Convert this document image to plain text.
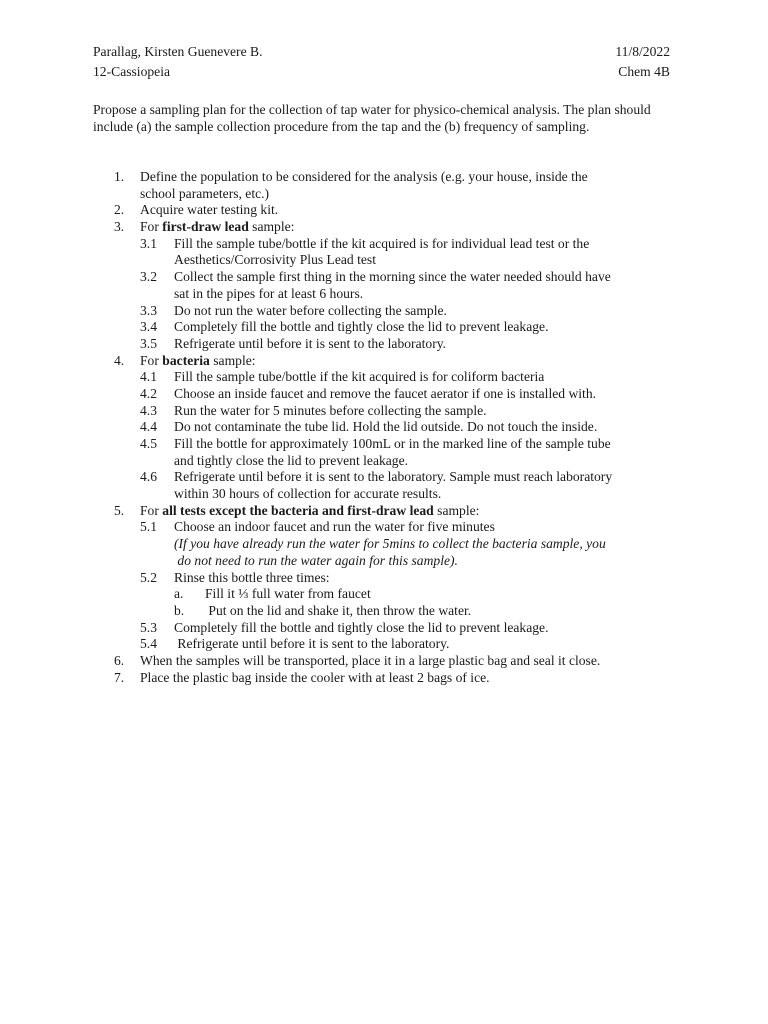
Parallag, Kirsten Guenevere B.	11/8/2022
12-Cassiopeia	Chem 4B
Propose a sampling plan for the collection of tap water for physico-chemical analysis. The plan should include (a) the sample collection procedure from the tap and the (b) frequency of sampling.
1. Define the population to be considered for the analysis (e.g. your house, inside the
school parameters, etc.)
2. Acquire water testing kit.
3. For first-draw lead sample:
3.1 Fill the sample tube/bottle if the kit acquired is for individual lead test or the
Aesthetics/Corrosivity Plus Lead test
3.2 Collect the sample first thing in the morning since the water needed should have
sat in the pipes for at least 6 hours.
3.3 Do not run the water before collecting the sample.
3.4 Completely fill the bottle and tightly close the lid to prevent leakage.
3.5 Refrigerate until before it is sent to the laboratory.
4. For bacteria sample:
4.1 Fill the sample tube/bottle if the kit acquired is for coliform bacteria
4.2 Choose an inside faucet and remove the faucet aerator if one is installed with.
4.3 Run the water for 5 minutes before collecting the sample.
4.4 Do not contaminate the tube lid. Hold the lid outside. Do not touch the inside.
4.5 Fill the bottle for approximately 100mL or in the marked line of the sample tube
and tightly close the lid to prevent leakage.
4.6 Refrigerate until before it is sent to the laboratory. Sample must reach laboratory
within 30 hours of collection for accurate results.
5. For all tests except the bacteria and first-draw lead sample:
5.1 Choose an indoor faucet and run the water for five minutes
(If you have already run the water for 5mins to collect the bacteria sample, you
do not need to run the water again for this sample).
5.2 Rinse this bottle three times:
a. Fill it ⅓ full water from faucet
b. Put on the lid and shake it, then throw the water.
5.3 Completely fill the bottle and tightly close the lid to prevent leakage.
5.4 Refrigerate until before it is sent to the laboratory.
6. When the samples will be transported, place it in a large plastic bag and seal it close.
7. Place the plastic bag inside the cooler with at least 2 bags of ice.
